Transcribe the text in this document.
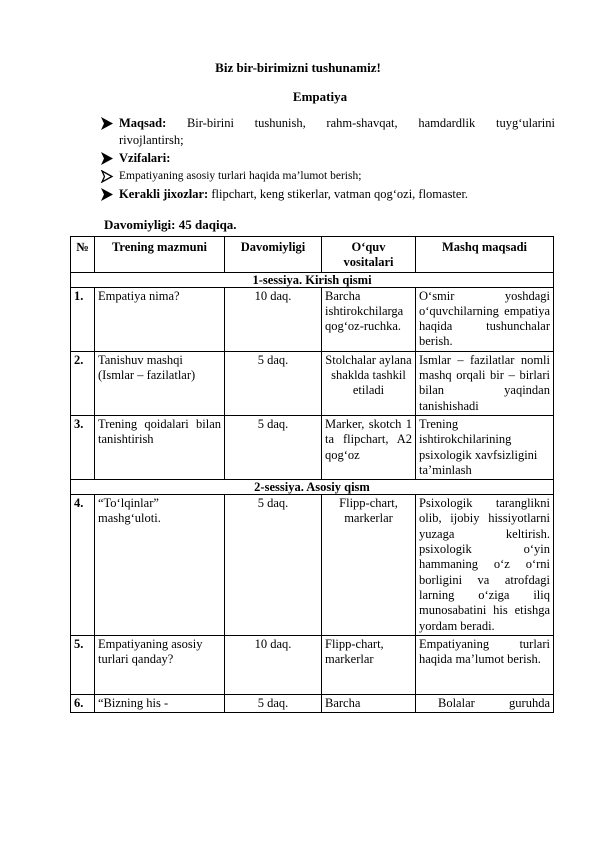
Biz bir-birimizni tushunamiz!
Empatiya
Maqsad: Bir-birini tushunish, rahm-shavqat, hamdardlik tuyg‘ularini
rivojlantirsh;
Vzifalari:
Empatiyaning asosiy turlari haqida ma’lumot berish;
Kerakli jixozlar: flipchart, keng stikerlar, vatman qog‘ozi, flomaster.
Davomiyligi: 45 daqiqa.
№	Trening mazmuni	Davomiyligi	O‘quv vositalari	Mashq maqsadi
1-sessiya. Kirish qismi				
1.	Empatiya nima?	10 daq.	Barcha ishtirokchilarga qog‘oz-ruchka.	O‘smir yoshdagi o‘quvchilarning empatiya haqida tushunchalar berish.
2.	Tanishuv mashqi (Ismlar – fazilatlar)	5 daq.	Stolchalar aylana shaklda tashkil etiladi	Ismlar – fazilatlar nomli mashq orqali bir – birlari bilan yaqindan tanishishadi
3.	Trening qoidalari bilan tanishtirish	5 daq.	Marker, skotch 1 ta flipchart, A2 qog‘oz	Trening ishtirokchilarining psixologik xavfsizligini ta’minlash
2-sessiya. Asosiy qism				
4.	“To‘lqinlar” mashg‘uloti.	5 daq.	Flipp-chart, markerlar	Psixologik taranglikni olib, ijobiy hissiyotlarni yuzaga keltirish. psixologik o‘yin hammaning o‘z o‘rni borligini va atrofdagi larning o‘ziga iliq munosabatini his etishga yordam beradi.
5.	Empatiyaning asosiy turlari qanday?	10 daq.	Flipp-chart, markerlar	Empatiyaning turlari haqida ma’lumot berish.
6.	“Bizning his -	5 daq.	Barcha	Bolalar guruhda
